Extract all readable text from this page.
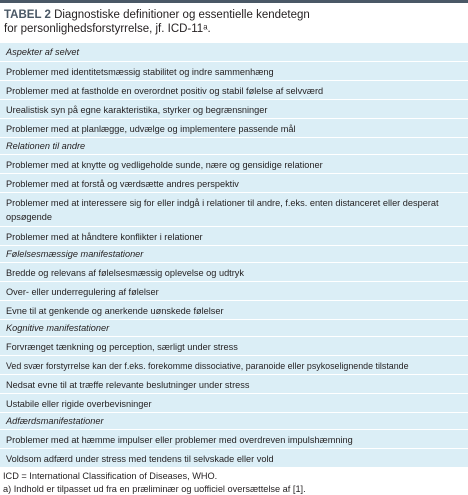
TABEL 2 Diagnostiske definitioner og essentielle kendetegn
for personlighedsforstyrrelse, jf. ICD-11ᵃ.
Aspekter af selvet
Problemer med identitetsmæssig stabilitet og indre sammenhæng
Problemer med at fastholde en overordnet positiv og stabil følelse af selvværd
Urealistisk syn på egne karakteristika, styrker og begrænsninger
Problemer med at planlægge, udvælge og implementere passende mål
Relationen til andre
Problemer med at knytte og vedligeholde sunde, nære og gensidige relationer
Problemer med at forstå og værdsætte andres perspektiv
Problemer med at interessere sig for eller indgå i relationer til andre, f.eks. enten distanceret eller desperat opsøgende
Problemer med at håndtere konflikter i relationer
Følelsesmæssige manifestationer
Bredde og relevans af følelsesmæssig oplevelse og udtryk
Over- eller underregulering af følelser
Evne til at genkende og anerkende uønskede følelser
Kognitive manifestationer
Forvrænget tænkning og perception, særligt under stress
Ved svær forstyrrelse kan der f.eks. forekomme dissociative, paranoide eller psykoselignende tilstande
Nedsat evne til at træffe relevante beslutninger under stress
Ustabile eller rigide overbevisninger
Adfærdsmanifestationer
Problemer med at hæmme impulser eller problemer med overdreven impulshæmning
Voldsom adfærd under stress med tendens til selvskade eller vold
ICD = International Classification of Diseases, WHO.
a) Indhold er tilpasset ud fra en præliminær og uofficiel oversættelse af [1].
